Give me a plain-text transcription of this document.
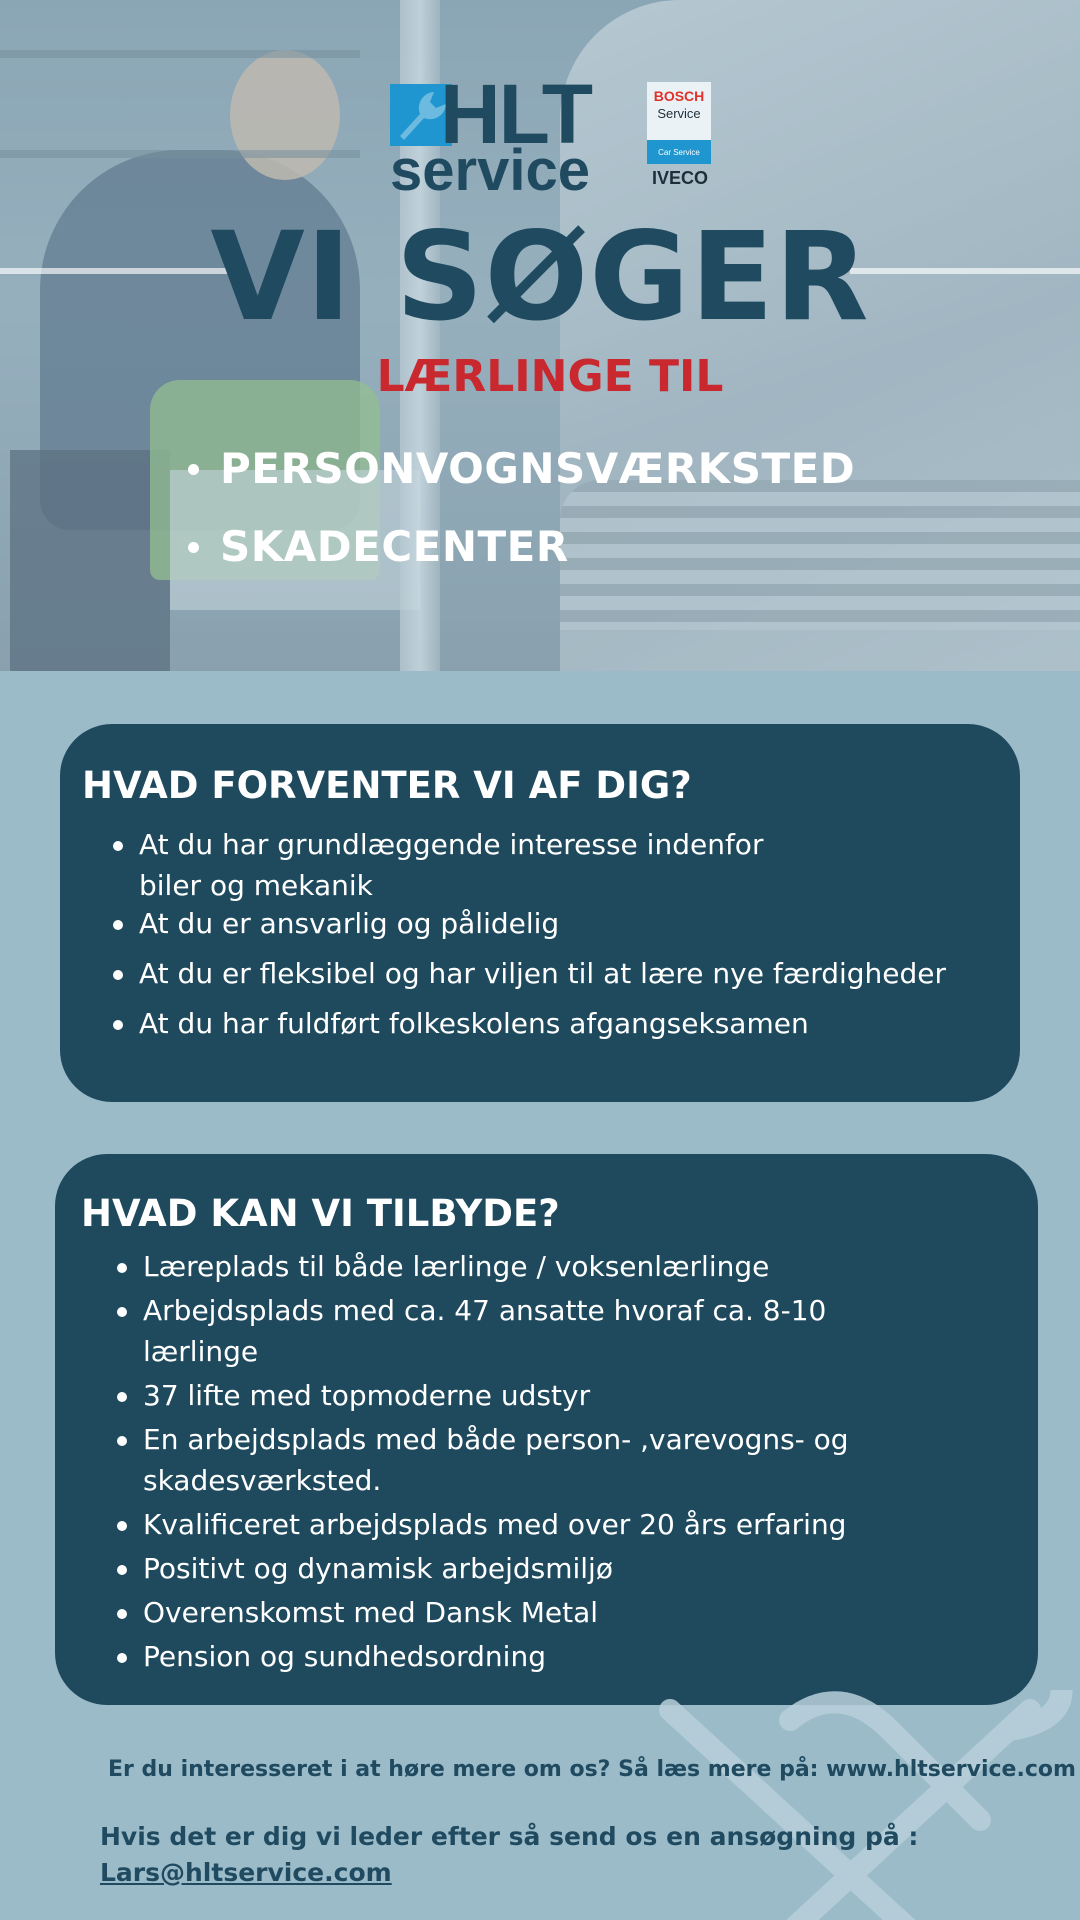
HLT
service
BOSCH
Service
Car Service
IVECO
VI SØGER
LÆRLINGE TIL
PERSONVOGNSVÆRKSTED
SKADECENTER
HVAD FORVENTER VI AF DIG?
At du har grundlæggende interesse indenfor biler og mekanik
At du er ansvarlig og pålidelig
At du er fleksibel og har viljen til at lære nye færdigheder
At du har fuldført folkeskolens afgangseksamen
HVAD KAN VI TILBYDE?
Læreplads til både lærlinge / voksenlærlinge
Arbejdsplads med ca. 47 ansatte hvoraf ca. 8-10 lærlinge
37 lifte med topmoderne udstyr
En arbejdsplads med både person- ,varevogns- og skadesværksted.
Kvalificeret arbejdsplads med over 20 års erfaring
Positivt og dynamisk arbejdsmiljø
Overenskomst med Dansk Metal
Pension og sundhedsordning
Er du interesseret i at høre mere om os? Så læs mere på: www.hltservice.com
Hvis det er dig vi leder efter så send os en ansøgning på :
Lars@hltservice.com
